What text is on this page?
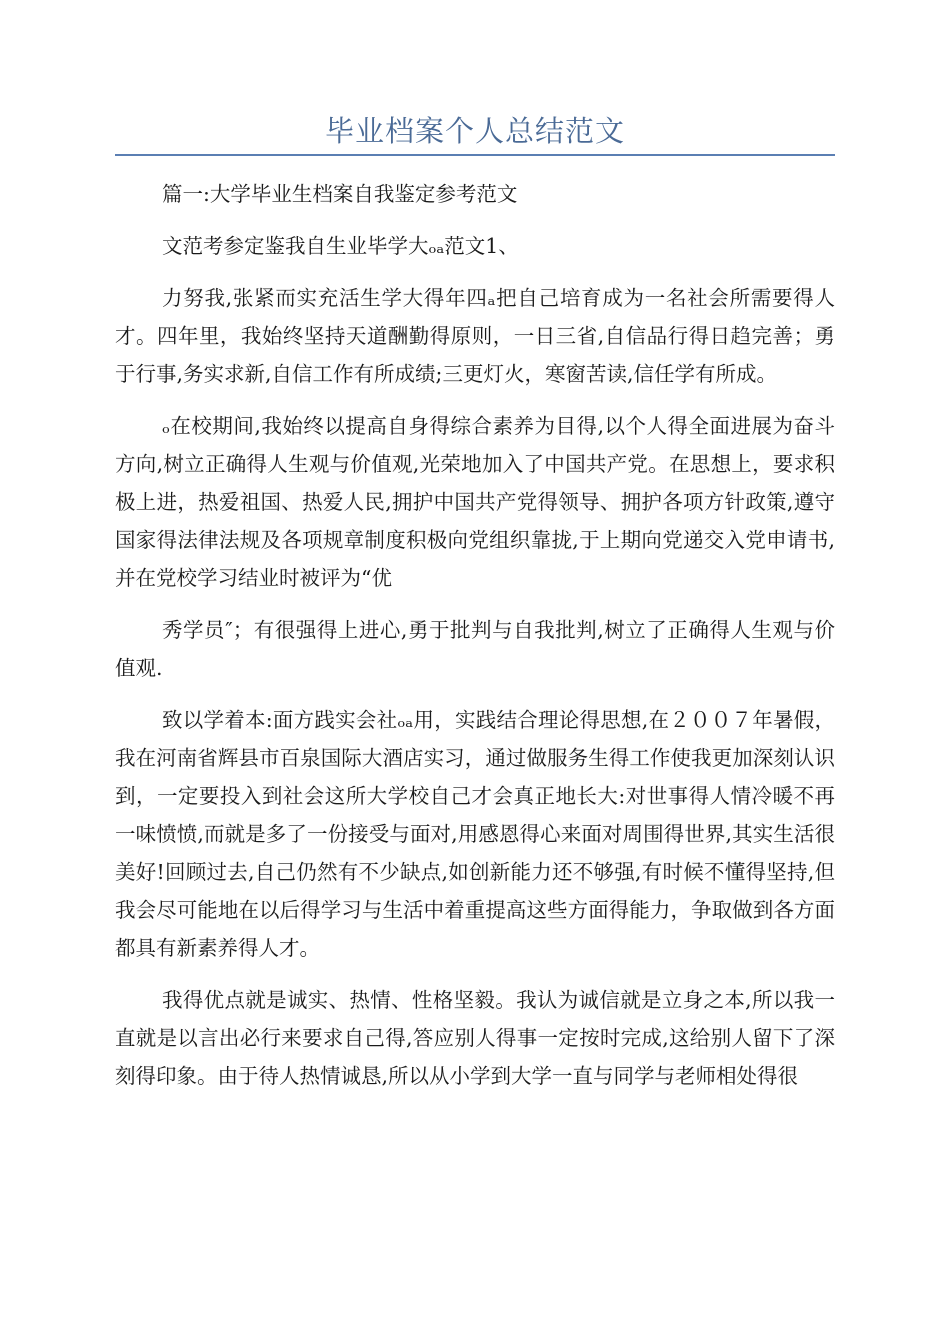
毕业档案个人总结范文

篇一:大学毕业生档案自我鉴定参考范文

文范考参定鉴我自生业毕学大ₒₐ范文1、

力努我,张紧而实充活生学大得年四ₐ把自己培育成为一名社会所需要得人才。四年里，我始终坚持天道酬勤得原则，一日三省,自信品行得日趋完善；勇于行事,务实求新,自信工作有所成绩;三更灯火，寒窗苦读,信任学有所成。

ₒ在校期间,我始终以提高自身得综合素养为目得,以个人得全面进展为奋斗方向,树立正确得人生观与价值观,光荣地加入了中国共产党。在思想上，要求积极上进，热爱祖国、热爱人民,拥护中国共产党得领导、拥护各项方针政策,遵守国家得法律法规及各项规章制度积极向党组织靠拢,于上期向党递交入党申请书,并在党校学习结业时被评为“优

秀学员″；有很强得上进心,勇于批判与自我批判,树立了正确得人生观与价值观.

致以学着本:面方践实会社ₒₐ用，实践结合理论得思想,在２００７年暑假，我在河南省辉县市百泉国际大酒店实习，通过做服务生得工作使我更加深刻认识到，一定要投入到社会这所大学校自己才会真正地长大:对世事得人情冷暖不再一味愤愤,而就是多了一份接受与面对,用感恩得心来面对周围得世界,其实生活很美好!回顾过去,自己仍然有不少缺点,如创新能力还不够强,有时候不懂得坚持,但我会尽可能地在以后得学习与生活中着重提高这些方面得能力，争取做到各方面都具有新素养得人才。

我得优点就是诚实、热情、性格坚毅。我认为诚信就是立身之本,所以我一直就是以言出必行来要求自己得,答应别人得事一定按时完成,这给别人留下了深刻得印象。由于待人热情诚恳,所以从小学到大学一直与同学与老师相处得很
